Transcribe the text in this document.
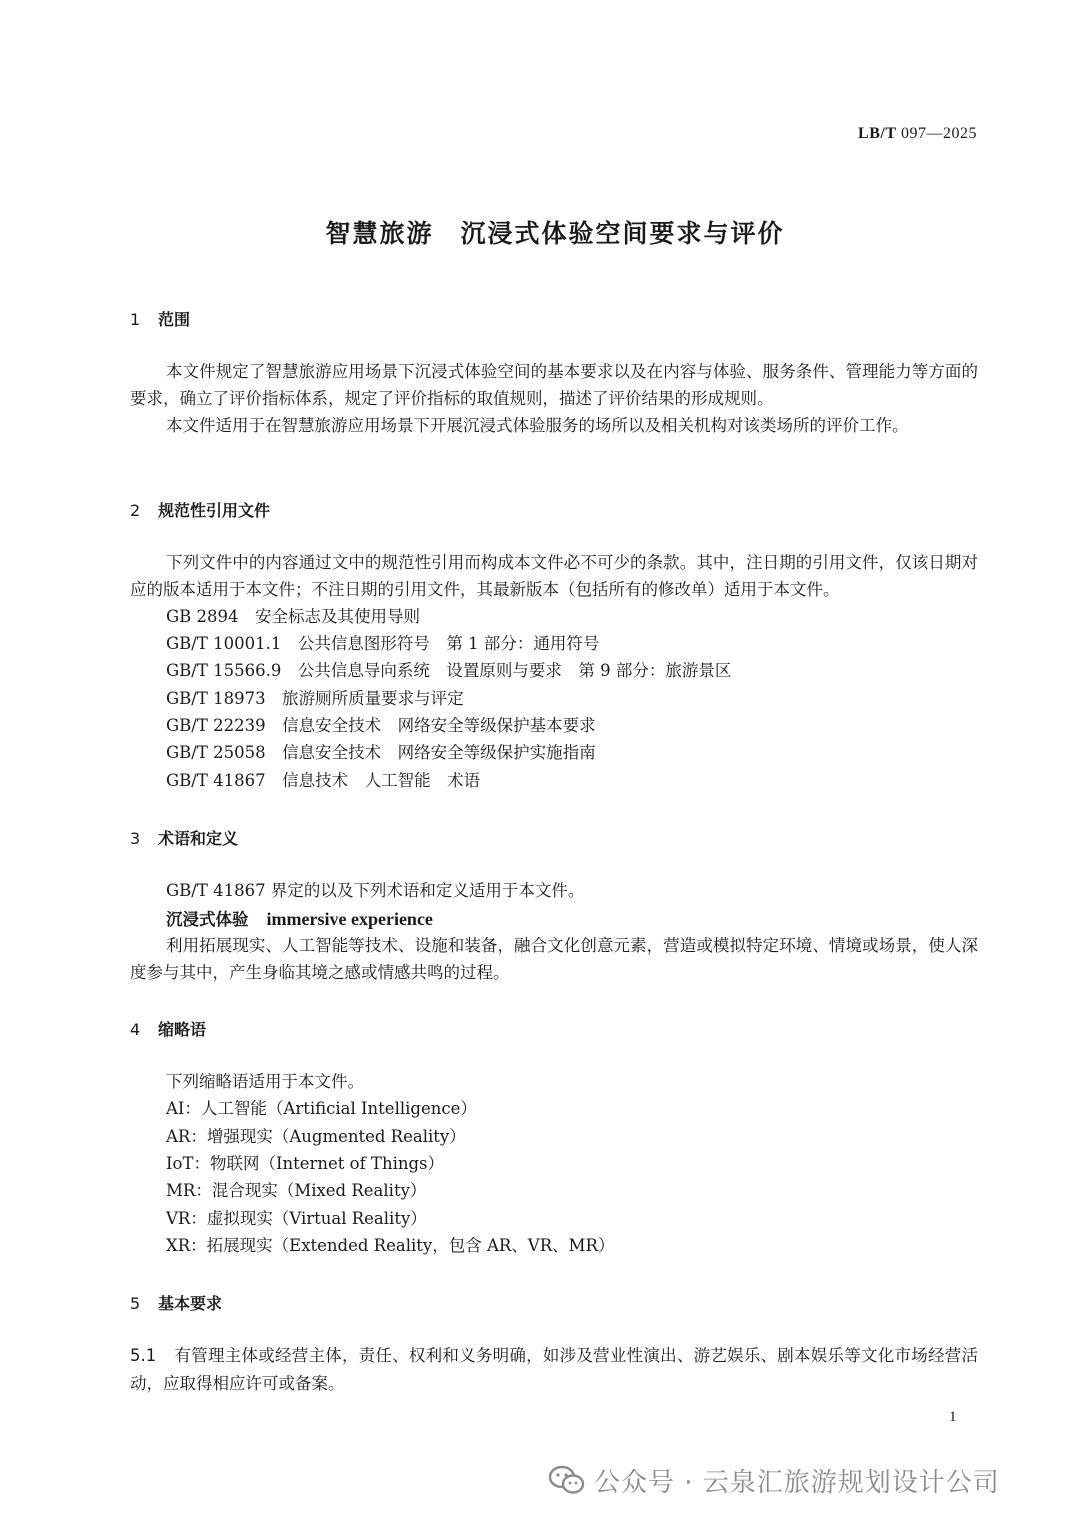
LB/T 097—2025
智慧旅游　沉浸式体验空间要求与评价
1 范围
本文件规定了智慧旅游应用场景下沉浸式体验空间的基本要求以及在内容与体验、服务条件、管理能力等方面的要求，确立了评价指标体系，规定了评价指标的取值规则，描述了评价结果的形成规则。
本文件适用于在智慧旅游应用场景下开展沉浸式体验服务的场所以及相关机构对该类场所的评价工作。
2 规范性引用文件
下列文件中的内容通过文中的规范性引用而构成本文件必不可少的条款。其中，注日期的引用文件，仅该日期对应的版本适用于本文件；不注日期的引用文件，其最新版本（包括所有的修改单）适用于本文件。
GB 2894　安全标志及其使用导则
GB/T 10001.1　公共信息图形符号　第 1 部分：通用符号
GB/T 15566.9　公共信息导向系统　设置原则与要求　第 9 部分：旅游景区
GB/T 18973　旅游厕所质量要求与评定
GB/T 22239　信息安全技术　网络安全等级保护基本要求
GB/T 25058　信息安全技术　网络安全等级保护实施指南
GB/T 41867　信息技术　人工智能　术语
3 术语和定义
GB/T 41867 界定的以及下列术语和定义适用于本文件。
沉浸式体验 immersive experience
利用拓展现实、人工智能等技术、设施和装备，融合文化创意元素，营造或模拟特定环境、情境或场景，使人深度参与其中，产生身临其境之感或情感共鸣的过程。
4 缩略语
下列缩略语适用于本文件。
AI：人工智能（Artificial Intelligence）
AR：增强现实（Augmented Reality）
IoT：物联网（Internet of Things）
MR：混合现实（Mixed Reality）
VR：虚拟现实（Virtual Reality）
XR：拓展现实（Extended Reality，包含 AR、VR、MR）
5 基本要求
5.1 有管理主体或经营主体，责任、权利和义务明确，如涉及营业性演出、游艺娱乐、剧本娱乐等文化市场经营活动，应取得相应许可或备案。
1
公众号 · 云泉汇旅游规划设计公司
